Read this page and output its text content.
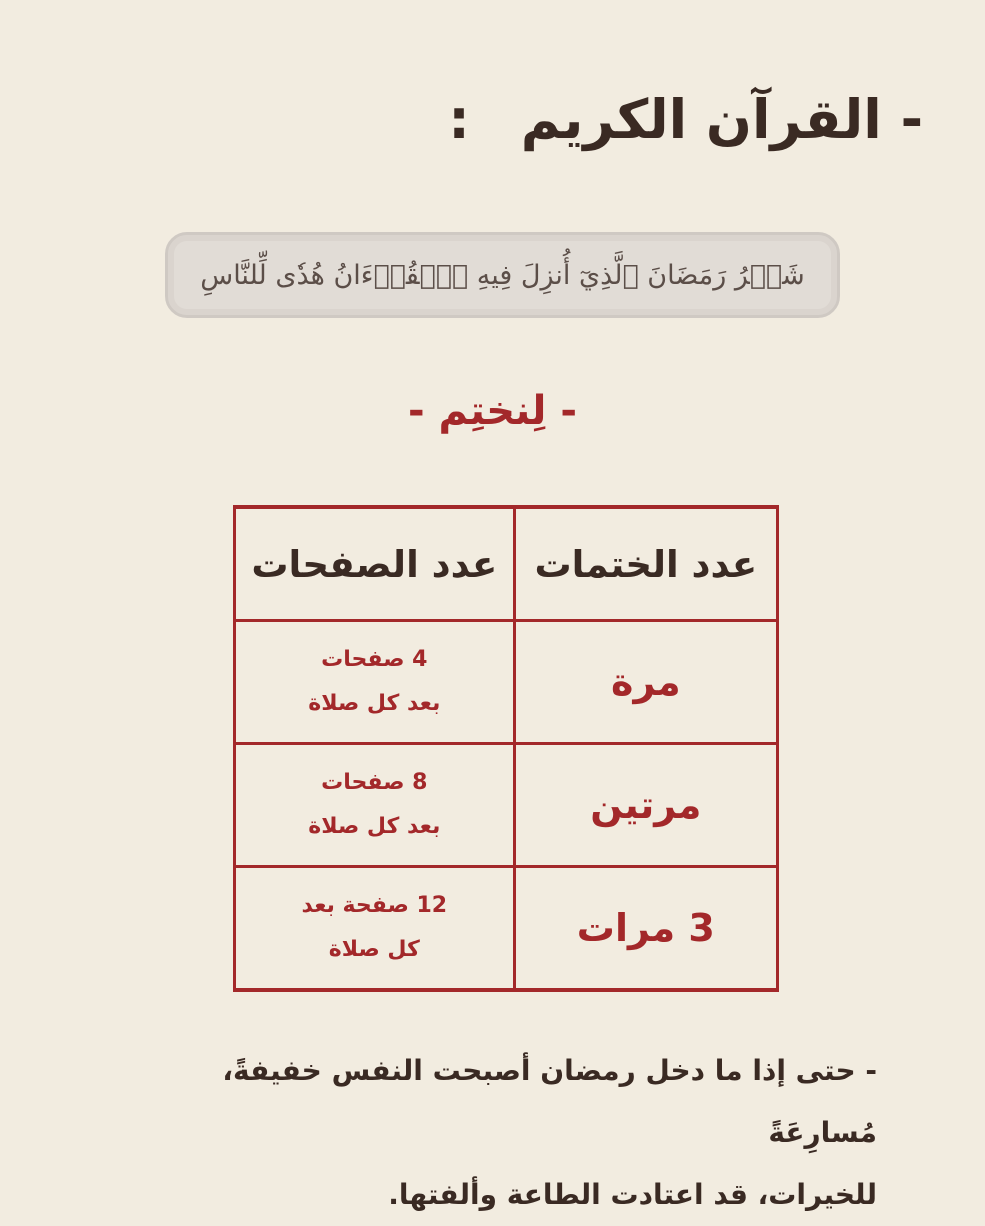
- القرآن الكريم :
شَهۡرُ رَمَضَانَ ٱلَّذِيٓ أُنزِلَ فِيهِ ٱلۡقُرۡءَانُ هُدٗى لِّلنَّاسِ
- لِنختِم -
عدد الختمات	عدد الصفحات
مرة	4 صفحات
بعد كل صلاة

مرتين	8 صفحات
بعد كل صلاة

3 مرات	12 صفحة بعد
كل صلاة

- حتى إذا ما دخل رمضان أصبحت النفس خفيفةً، مُسارِعَةً
للخيرات، قد اعتادت الطاعة وألفتها.
